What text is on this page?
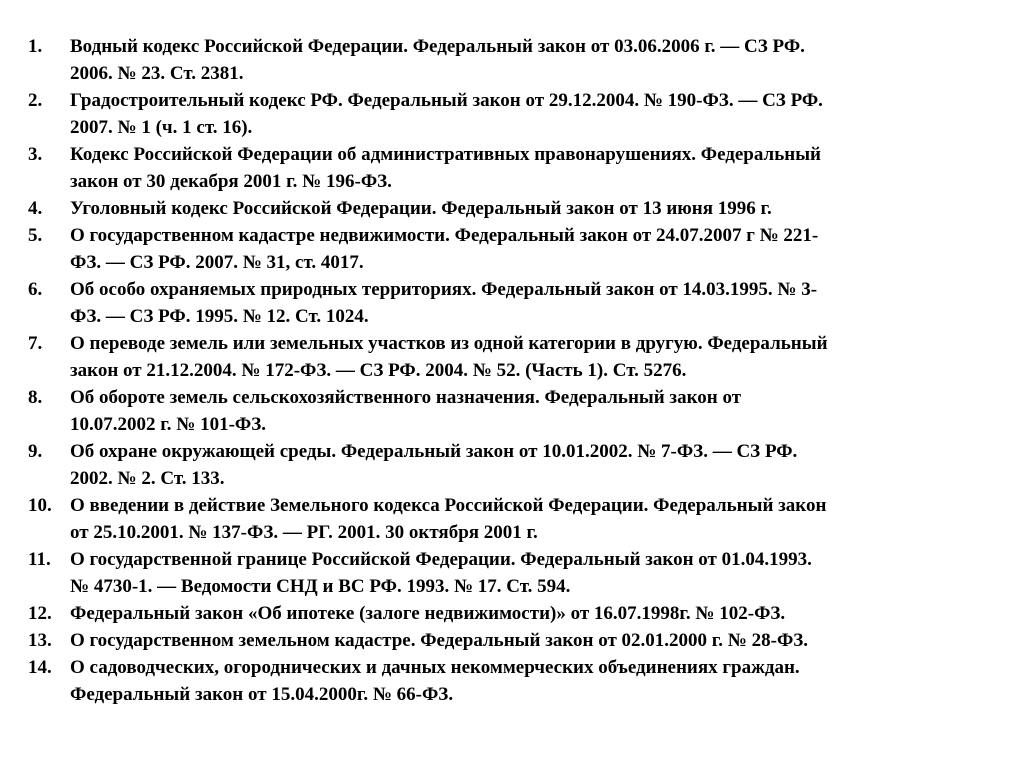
1.	Водный кодекс Российской Федерации. Федеральный закон от 03.06.2006 г. — СЗ РФ.
2006. № 23. Ст. 2381.
2.	Градостроительный кодекс РФ. Федеральный закон от 29.12.2004. № 190-ФЗ. — СЗ РФ.
2007. № 1 (ч. 1 ст. 16).
3.	Кодекс Российской Федерации об административных правонарушениях. Федеральный
закон от 30 декабря 2001 г. № 196-ФЗ.
4.	Уголовный кодекс Российской Федерации. Федеральный закон от 13 июня 1996 г.
5.	О государственном кадастре недвижимости. Федеральный закон от 24.07.2007 г № 221-
ФЗ. — СЗ РФ. 2007. № 31, ст. 4017.
6.	Об особо охраняемых природных территориях. Федеральный закон от 14.03.1995. № 3-
ФЗ. — СЗ РФ. 1995. № 12. Ст. 1024.
7.	О переводе земель или земельных участков из одной категории в другую. Федеральный
закон от 21.12.2004. № 172-ФЗ. — СЗ РФ. 2004. № 52. (Часть 1). Ст. 5276.
8.	Об обороте земель сельскохозяйственного назначения. Федеральный закон от
10.07.2002 г. № 101-ФЗ.
9.	Об охране окружающей среды. Федеральный закон от 10.01.2002. № 7-ФЗ. — СЗ РФ.
2002. № 2. Ст. 133.
10. О введении в действие Земельного кодекса Российской Федерации. Федеральный закон
от 25.10.2001. № 137-ФЗ. — РГ. 2001. 30 октября 2001 г.
11.	О государственной границе Российской Федерации. Федеральный закон от 01.04.1993.
№ 4730-1. — Ведомости СНД и ВС РФ. 1993. № 17. Ст. 594.
12. Федеральный закон «Об ипотеке (залоге недвижимости)» от 16.07.1998г. № 102-ФЗ.
13. О государственном земельном кадастре. Федеральный закон от 02.01.2000 г. № 28-ФЗ.
14. О садоводческих, огороднических и дачных некоммерческих объединениях граждан.
Федеральный закон от 15.04.2000г. № 66-ФЗ.
